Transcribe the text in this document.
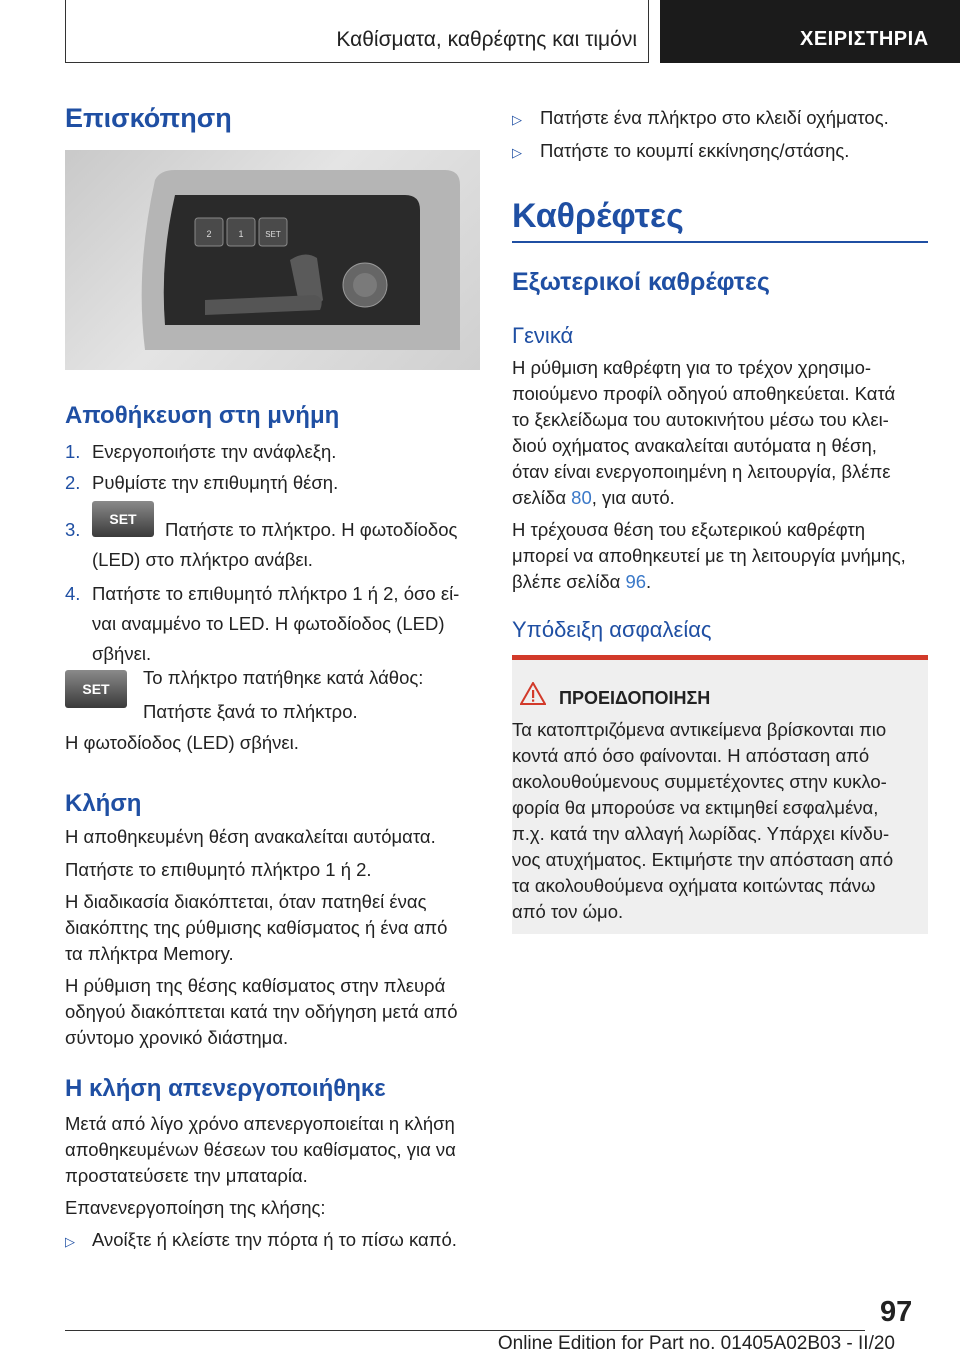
Καθίσματα, καθρέφτης και τιμόνι	ΧΕΙΡΙΣΤΗΡΙΑ
Επισκόπηση
2	1	SET
Αποθήκευση στη μνήμη
1. Ενεργοποιήστε την ανάφλεξη.
2. Ρυθμίστε την επιθυμητή θέση.
3.	SET	Πατήστε το πλήκτρο. Η φωτοδίοδος
(LED) στο πλήκτρο ανάβει.
4. Πατήστε το επιθυμητό πλήκτρο 1 ή 2, όσο εί-
ναι αναμμένο το LED. Η φωτοδίοδος (LED)
σβήνει.
SET
Το πλήκτρο πατήθηκε κατά λάθος:
Πατήστε ξανά το πλήκτρο.
Η φωτοδίοδος (LED) σβήνει.
Κλήση
Η αποθηκευμένη θέση ανακαλείται αυτόματα.
Πατήστε το επιθυμητό πλήκτρο 1 ή 2.
Η διαδικασία διακόπτεται, όταν πατηθεί ένας
διακόπτης της ρύθμισης καθίσματος ή ένα από
τα πλήκτρα Memory.
Η ρύθμιση της θέσης καθίσματος στην πλευρά
οδηγού διακόπτεται κατά την οδήγηση μετά από
σύντομο χρονικό διάστημα.
Η κλήση απενεργοποιήθηκε
Μετά από λίγο χρόνο απενεργοποιείται η κλήση
αποθηκευμένων θέσεων του καθίσματος, για να
προστατεύσετε την μπαταρία.
Επανενεργοποίηση της κλήσης:
▷ Ανοίξτε ή κλείστε την πόρτα ή το πίσω καπό.
▷ Πατήστε ένα πλήκτρο στο κλειδί οχήματος.
▷ Πατήστε το κουμπί εκκίνησης/στάσης.
Καθρέφτες
Εξωτερικοί καθρέφτες
Γενικά
Η ρύθμιση καθρέφτη για το τρέχον χρησιμο-
ποιούμενο προφίλ οδηγού αποθηκεύεται. Κατά
το ξεκλείδωμα του αυτοκινήτου μέσω του κλει-
διού οχήματος ανακαλείται αυτόματα η θέση,
όταν είναι ενεργοποιημένη η λειτουργία, βλέπε
σελίδα 80, για αυτό.
Η τρέχουσα θέση του εξωτερικού καθρέφτη
μπορεί να αποθηκευτεί με τη λειτουργία μνήμης,
βλέπε σελίδα 96.
Υπόδειξη ασφαλείας
ΠΡΟΕΙΔΟΠΟΙΗΣΗ
Τα κατοπτριζόμενα αντικείμενα βρίσκονται πιο
κοντά από όσο φαίνονται. Η απόσταση από
ακολουθούμενους συμμετέχοντες στην κυκλο-
φορία θα μπορούσε να εκτιμηθεί εσφαλμένα,
π.χ. κατά την αλλαγή λωρίδας. Υπάρχει κίνδυ-
νος ατυχήματος. Εκτιμήστε την απόσταση από
τα ακολουθούμενα οχήματα κοιτώντας πάνω
από τον ώμο.
97
Online Edition for Part no. 01405A02B03 - II/20
